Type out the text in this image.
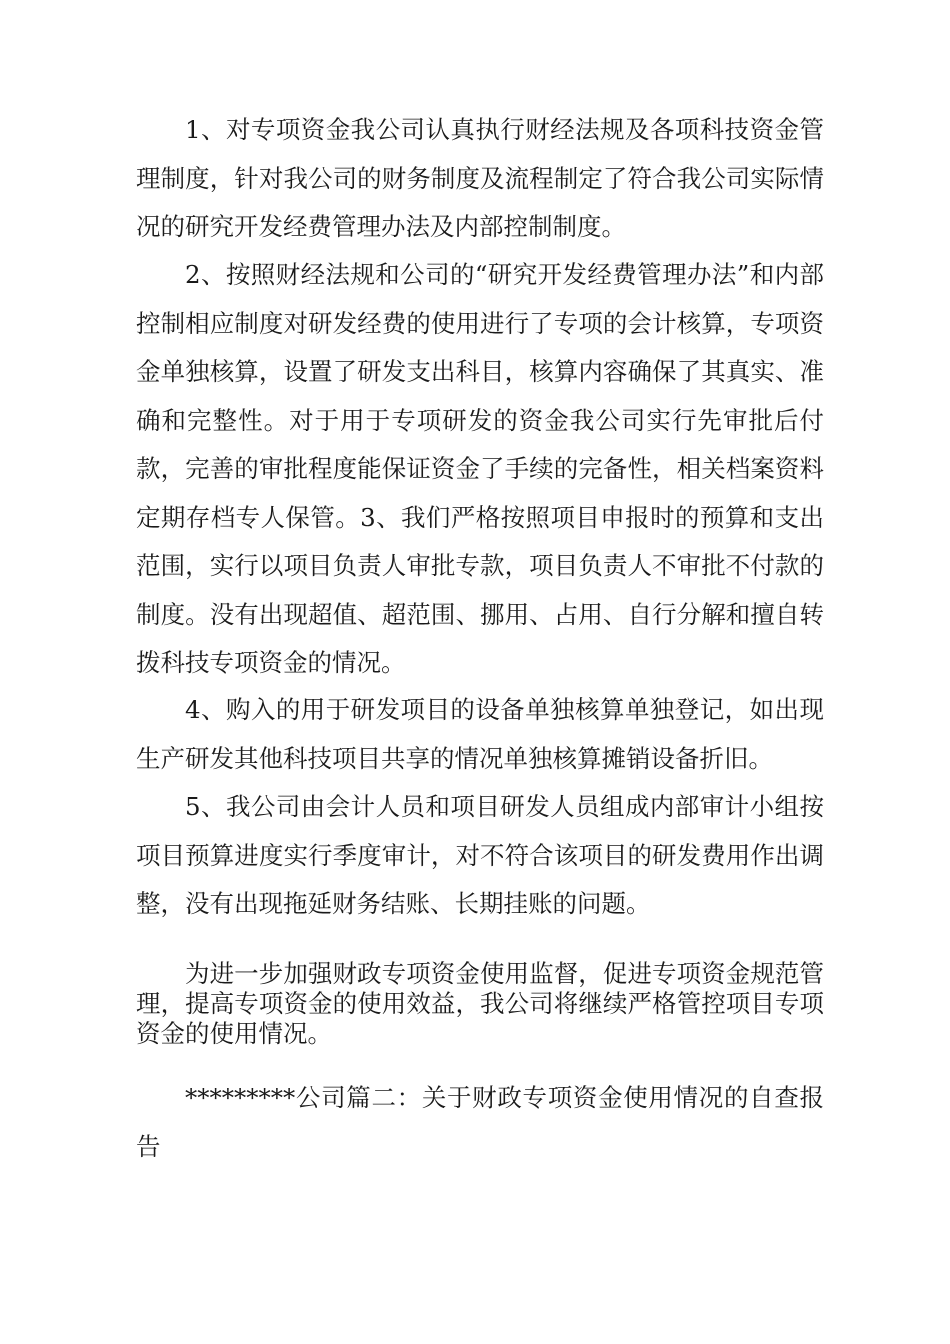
1、对专项资金我公司认真执行财经法规及各项科技资金管理制度，针对我公司的财务制度及流程制定了符合我公司实际情况的研究开发经费管理办法及内部控制制度。

2、按照财经法规和公司的“研究开发经费管理办法”和内部控制相应制度对研发经费的使用进行了专项的会计核算，专项资金单独核算，设置了研发支出科目，核算内容确保了其真实、准确和完整性。对于用于专项研发的资金我公司实行先审批后付款，完善的审批程度能保证资金了手续的完备性，相关档案资料定期存档专人保管。3、我们严格按照项目申报时的预算和支出范围，实行以项目负责人审批专款，项目负责人不审批不付款的制度。没有出现超值、超范围、挪用、占用、自行分解和擅自转拨科技专项资金的情况。

4、购入的用于研发项目的设备单独核算单独登记，如出现生产研发其他科技项目共享的情况单独核算摊销设备折旧。

5、我公司由会计人员和项目研发人员组成内部审计小组按项目预算进度实行季度审计，对不符合该项目的研发费用作出调整，没有出现拖延财务结账、长期挂账的问题。

为进一步加强财政专项资金使用监督，促进专项资金规范管理，提高专项资金的使用效益，我公司将继续严格管控项目专项资金的使用情况。

*********公司篇二：关于财政专项资金使用情况的自查报告
